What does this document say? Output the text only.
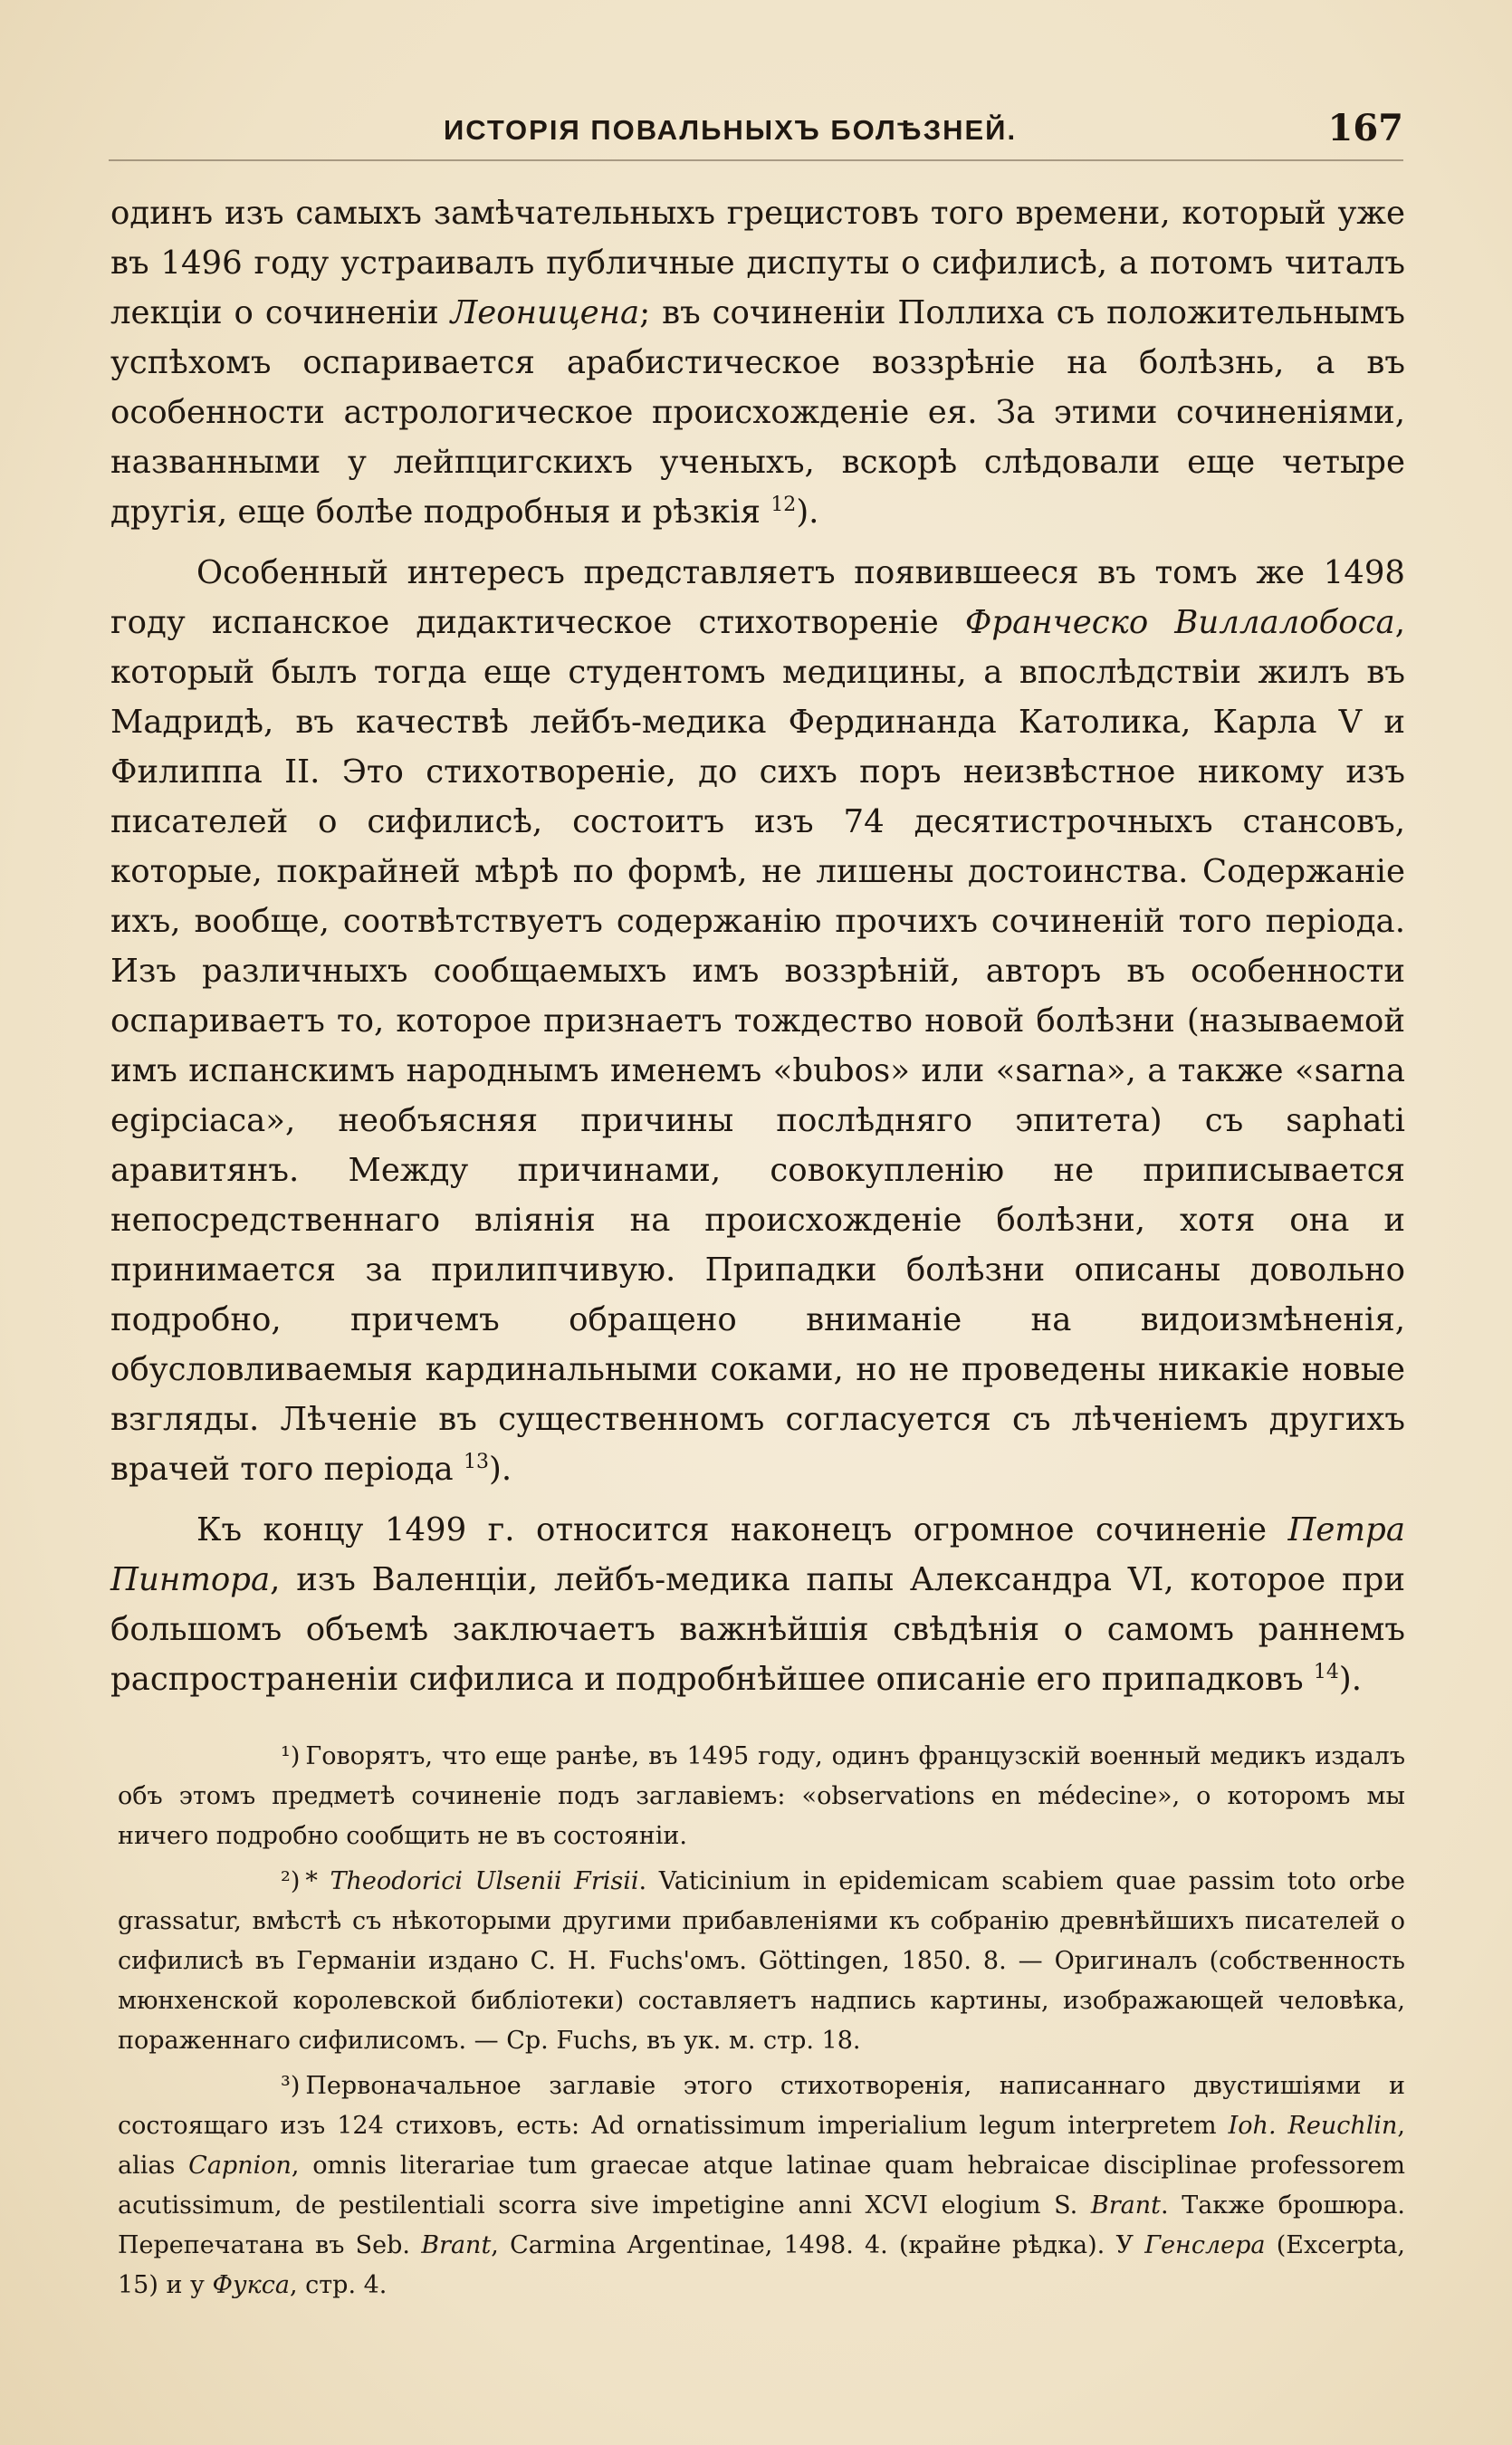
ИСТОРІЯ ПОВАЛЬНЫХЪ БОЛѢЗНЕЙ.	167

одинъ изъ самыхъ замѣчательныхъ грецистовъ того времени, который уже въ 1496 году устраивалъ публичные диспуты о сифилисѣ, а потомъ читалъ лекціи о сочиненіи Леоницена; въ сочиненіи Поллиха съ положительнымъ успѣхомъ оспаривается арабистическое воззрѣніе на болѣзнь, а въ особенности астрологическое происхожденіе ея. За этими сочиненіями, названными у лейпцигскихъ ученыхъ, вскорѣ слѣдовали еще четыре другія, еще болѣе подробныя и рѣзкія $^{12}$).

Особенный интересъ представляетъ появившееся въ томъ же 1498 году испанское дидактическое стихотвореніе Франческо Виллалобоса, который былъ тогда еще студентомъ медицины, а впослѣдствіи жилъ въ Мадридѣ, въ качествѣ лейбъ-медика Фердинанда Католика, Карла V и Филиппа II. Это стихотвореніе, до сихъ поръ неизвѣстное никому изъ писателей о сифилисѣ, состоитъ изъ 74 десятистрочныхъ стансовъ, которые, покрайней мѣрѣ по формѣ, не лишены достоинства. Содержаніе ихъ, вообще, соотвѣтствуетъ содержанію прочихъ сочиненій того періода. Изъ различныхъ сообщаемыхъ имъ воззрѣній, авторъ въ особенности оспариваетъ то, которое признаетъ тождество новой болѣзни (называемой имъ испанскимъ народнымъ именемъ «bubos» или «sarna», а также «sarna egipciaca», необъясняя причины послѣдняго эпитета) съ saphati аравитянъ. Между причинами, совокупленію не приписывается непосредственнаго вліянія на происхожденіе болѣзни, хотя она и принимается за прилипчивую. Припадки болѣзни описаны довольно подробно, причемъ обращено вниманіе на видоизмѣненія, обусловливаемыя кардинальными соками, но не проведены никакіе новые взгляды. Лѣченіе въ существенномъ согласуется съ лѣченіемъ другихъ врачей того періода $^{13}$).

Къ концу 1499 г. относится наконецъ огромное сочиненіе Петра Пинтора, изъ Валенціи, лейбъ-медика папы Александра VI, которое при большомъ объемѣ заключаетъ важнѣйшія свѣдѣнія о самомъ раннемъ распространеніи сифилиса и подробнѣйшее описаніе его припадковъ $^{14}$).

¹) Говорятъ, что еще ранѣе, въ 1495 году, одинъ французскій военный медикъ издалъ объ этомъ предметѣ сочиненіе подъ заглавіемъ: «observations en médecine», о которомъ мы ничего подробно сообщить не въ состояніи.

²) * Theodorici Ulsenii Frisii. Vaticinium in epidemicam scabiem quae passim toto orbe grassatur, вмѣстѣ съ нѣкоторыми другими прибавленіями къ собранію древнѣйшихъ писателей о сифилисѣ въ Германіи издано C. H. Fuchs'омъ. Göttingen, 1850. 8. — Оригиналъ (собственность мюнхенской королевской библіотеки) составляетъ надпись картины, изображающей человѣка, пораженнаго сифилисомъ. — Ср. Fuchs, въ ук. м. стр. 18.

³) Первоначальное заглавіе этого стихотворенія, написаннаго двустишіями и состоящаго изъ 124 стиховъ, есть: Ad ornatissimum imperialium legum interpretem Ioh. Reuchlin, alias Capnion, omnis literariae tum graecae atque latinae quam hebraicae disciplinae professorem acutissimum, de pestilentiali scorra sive impetigine anni XCVI elogium S. Brant. Также брошюра. Перепечатана въ Seb. Brant, Carmina Argentinae, 1498. 4. (крайне рѣдка). У Генслера (Excerpta, 15) и у Фукса, стр. 4.
